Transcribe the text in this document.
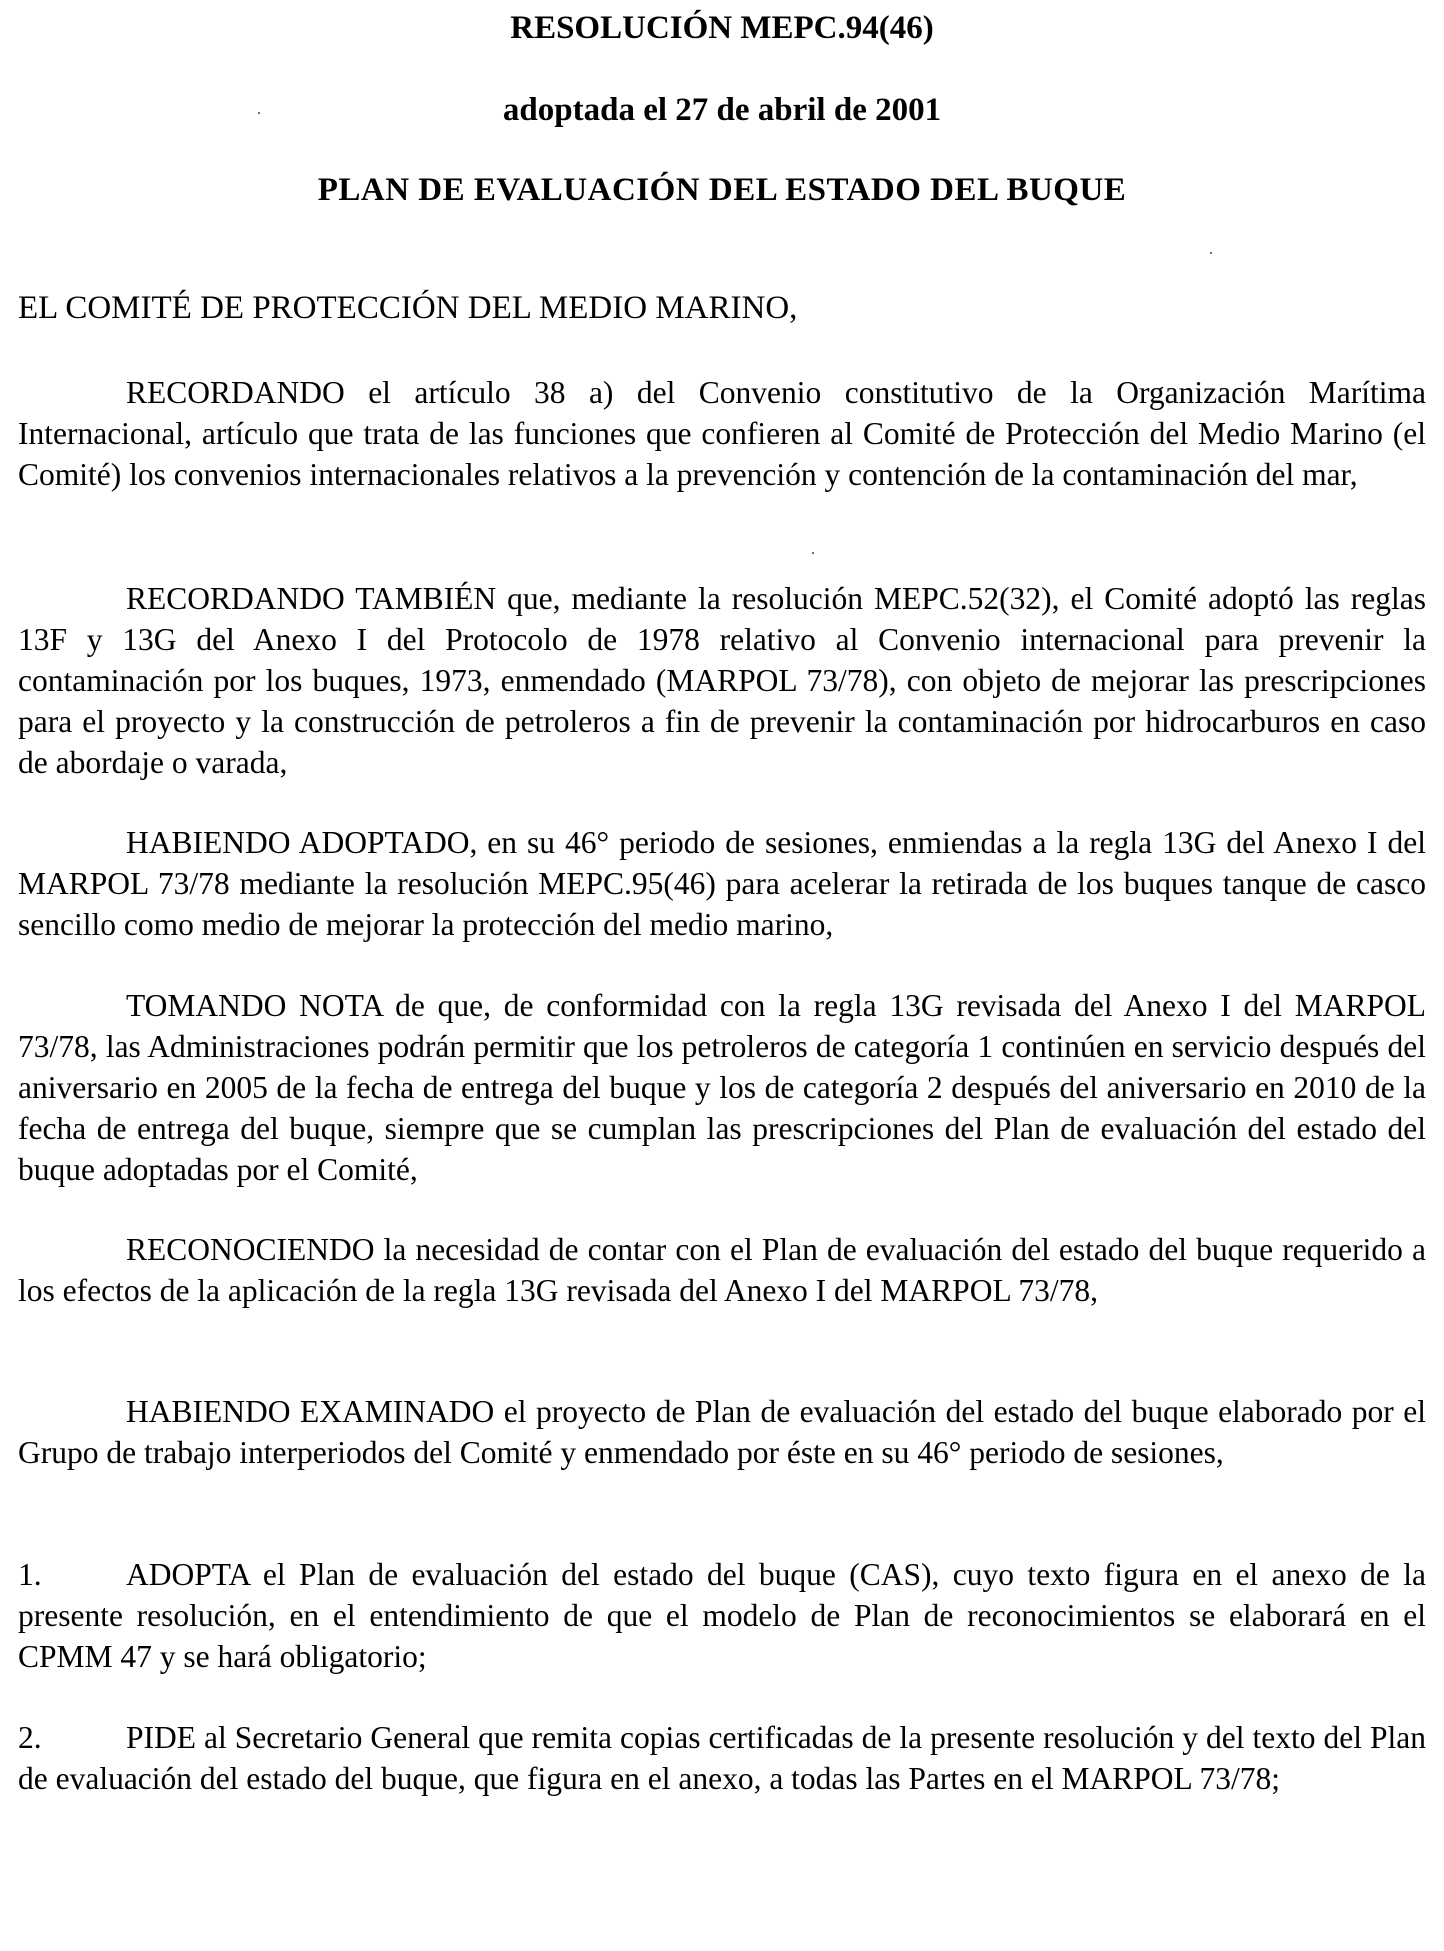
RESOLUCIÓN MEPC.94(46)

adoptada el 27 de abril de 2001

PLAN DE EVALUACIÓN DEL ESTADO DEL BUQUE

EL COMITÉ DE PROTECCIÓN DEL MEDIO MARINO,

RECORDANDO el artículo 38 a) del Convenio constitutivo de la Organización Marítima Internacional, artículo que trata de las funciones que confieren al Comité de Protección del Medio Marino (el Comité) los convenios internacionales relativos a la prevención y contención de la contaminación del mar,

RECORDANDO TAMBIÉN que, mediante la resolución MEPC.52(32), el Comité adoptó las reglas 13F y 13G del Anexo I del Protocolo de 1978 relativo al Convenio internacional para prevenir la contaminación por los buques, 1973, enmendado (MARPOL 73/78), con objeto de mejorar las prescripciones para el proyecto y la construcción de petroleros a fin de prevenir la contaminación por hidrocarburos en caso de abordaje o varada,

HABIENDO ADOPTADO, en su 46° periodo de sesiones, enmiendas a la regla 13G del Anexo I del MARPOL 73/78 mediante la resolución MEPC.95(46) para acelerar la retirada de los buques tanque de casco sencillo como medio de mejorar la protección del medio marino,

TOMANDO NOTA de que, de conformidad con la regla 13G revisada del Anexo I del MARPOL 73/78, las Administraciones podrán permitir que los petroleros de categoría 1 continúen en servicio después del aniversario en 2005 de la fecha de entrega del buque y los de categoría 2 después del aniversario en 2010 de la fecha de entrega del buque, siempre que se cumplan las prescripciones del Plan de evaluación del estado del buque adoptadas por el Comité,

RECONOCIENDO la necesidad de contar con el Plan de evaluación del estado del buque requerido a los efectos de la aplicación de la regla 13G revisada del Anexo I del MARPOL 73/78,

HABIENDO EXAMINADO el proyecto de Plan de evaluación del estado del buque elaborado por el Grupo de trabajo interperiodos del Comité y enmendado por éste en su 46° periodo de sesiones,

1.	ADOPTA el Plan de evaluación del estado del buque (CAS), cuyo texto figura en el anexo de la presente resolución, en el entendimiento de que el modelo de Plan de reconocimientos se elaborará en el CPMM 47 y se hará obligatorio;

2.	PIDE al Secretario General que remita copias certificadas de la presente resolución y del texto del Plan de evaluación del estado del buque, que figura en el anexo, a todas las Partes en el MARPOL 73/78;
